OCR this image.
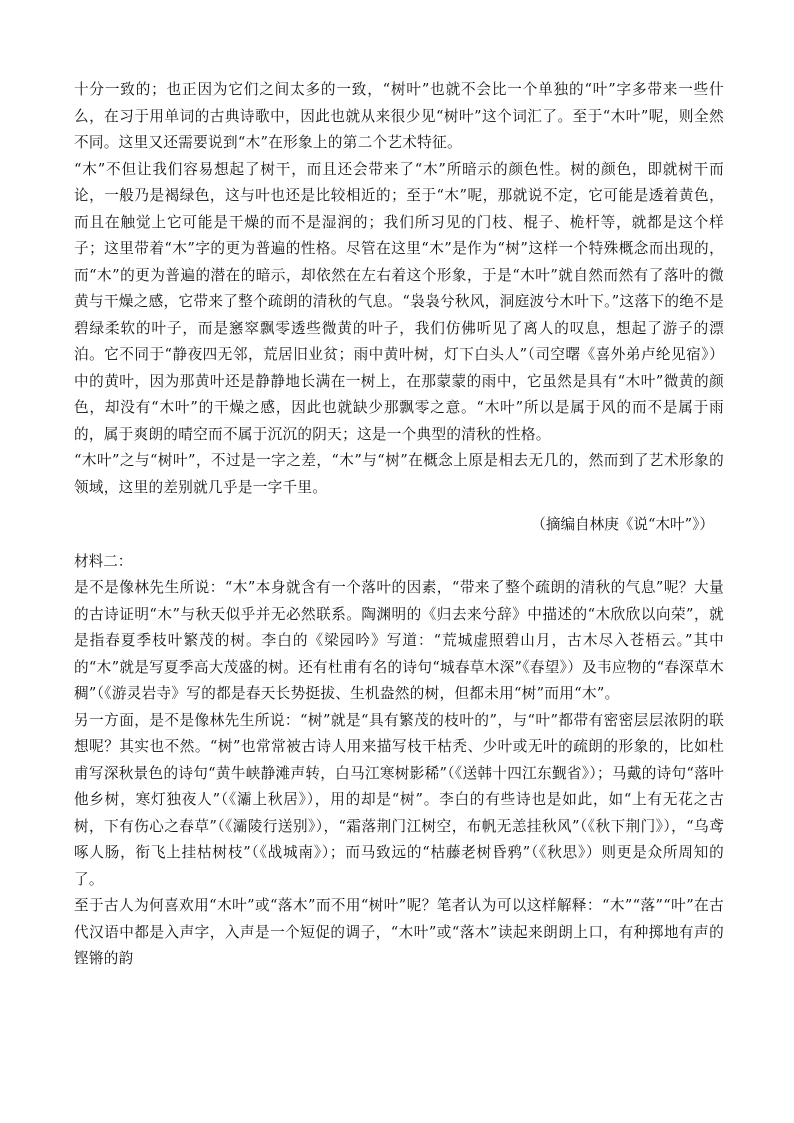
十分一致的；也正因为它们之间太多的一致，“树叶”也就不会比一个单独的“叶”字多带来一些什么，在习于用单词的古典诗歌中，因此也就从来很少见“树叶”这个词汇了。至于“木叶”呢，则全然不同。这里又还需要说到“木”在形象上的第二个艺术特征。

“木”不但让我们容易想起了树干，而且还会带来了“木”所暗示的颜色性。树的颜色，即就树干而论，一般乃是褐绿色，这与叶也还是比较相近的；至于“木”呢，那就说不定，它可能是透着黄色，而且在触觉上它可能是干燥的而不是湿润的；我们所习见的门枝、棍子、桅杆等，就都是这个样子；这里带着“木”字的更为普遍的性格。尽管在这里“木”是作为“树”这样一个特殊概念而出现的，而“木”的更为普遍的潜在的暗示，却依然在左右着这个形象，于是“木叶”就自然而然有了落叶的微黄与干燥之感，它带来了整个疏朗的清秋的气息。“袅袅兮秋风，洞庭波兮木叶下。”这落下的绝不是碧绿柔软的叶子，而是窸窣飘零透些微黄的叶子，我们仿佛听见了离人的叹息，想起了游子的漂泊。它不同于“静夜四无邻，荒居旧业贫；雨中黄叶树，灯下白头人”（司空曙《喜外弟卢纶见宿》）中的黄叶，因为那黄叶还是静静地长满在一树上，在那蒙蒙的雨中，它虽然是具有“木叶”微黄的颜色，却没有“木叶”的干燥之感，因此也就缺少那飘零之意。“木叶”所以是属于风的而不是属于雨的，属于爽朗的晴空而不属于沉沉的阴天；这是一个典型的清秋的性格。

“木叶”之与“树叶”，不过是一字之差，“木”与“树”在概念上原是相去无几的，然而到了艺术形象的领域，这里的差别就几乎是一字千里。

（摘编自林庚《说“木叶”》）

材料二：

是不是像林先生所说：“木”本身就含有一个落叶的因素，“带来了整个疏朗的清秋的气息”呢？大量的古诗证明“木”与秋天似乎并无必然联系。陶渊明的《归去来兮辞》中描述的“木欣欣以向荣”，就是指春夏季枝叶繁茂的树。李白的《梁园吟》写道：“荒城虚照碧山月，古木尽入苍梧云。”其中的“木”就是写夏季高大茂盛的树。还有杜甫有名的诗句“城春草木深”《春望》）及韦应物的“春深草木稠”（《游灵岩寺》写的都是春天长势挺拔、生机盎然的树，但都未用“树”而用“木”。

另一方面，是不是像林先生所说：“树”就是“具有繁茂的枝叶的”，与“叶”都带有密密层层浓阴的联想呢？其实也不然。“树”也常常被古诗人用来描写枝干枯秃、少叶或无叶的疏朗的形象的，比如杜甫写深秋景色的诗句“黄牛峡静滩声转，白马江寒树影稀”（《送韩十四江东觐省》）；马戴的诗句“落叶他乡树，寒灯独夜人”（《灞上秋居》），用的却是“树”。李白的有些诗也是如此，如“上有无花之古树，下有伤心之春草”（《灞陵行送别》），“霜落荆门江树空，布帆无恙挂秋风”（《秋下荆门》），“乌鸢啄人肠，衔飞上挂枯树枝”（《战城南》）；而马致远的“枯藤老树昏鸦”（《秋思》）则更是众所周知的了。

至于古人为何喜欢用“木叶”或“落木”而不用“树叶”呢？笔者认为可以这样解释：“木”“落”“叶”在古代汉语中都是入声字，入声是一个短促的调子，“木叶”或“落木”读起来朗朗上口，有种掷地有声的铿锵的韵
